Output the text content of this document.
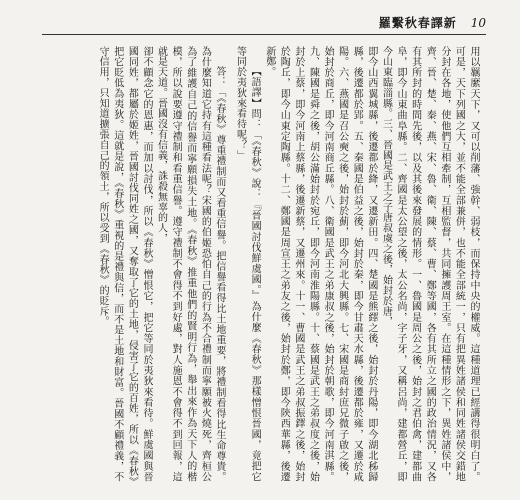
羅繫秋春譯新 10

用以羈縻天下，又可以削藩、強幹、弱枝，而保持中央的權威。這種道理已經講得很明白了。可是，天下列國之大，並不能全部兼併，也不能全部統一，只有把異姓諸侯和同姓諸侯交錯地分封在各地，使他們互相牽制，互相監督，共同擁護周王室。在這種情形之下，異姓諸侯中，齊、晉、楚、秦、燕、宋、魯、衛、陳、蔡、曹、鄭等國，各有其所立之國的政治情況，又各有其所封的時間先後，以及其後來發展的情形。一、魯國是周公之後，始封之君伯禽，建都曲阜，即今山東曲阜縣。二、齊國是太公望之後，太公名尚，字子牙，又稱呂尚，建都營丘，即今山東臨淄縣。三、晉國是武王之子唐叔虞之後，始封於唐，

即今山西翼城縣，後遷都於絳，又遷新田。四、楚國是熊繹之後，始封於丹陽，即今湖北秭歸縣，後遷都於郢。五、秦國是伯益之後，始封於秦，即今甘肅天水縣，後遷都於雍，又遷於咸陽。六、燕國是召公奭之後，始封於薊，即今河北大興縣。七、宋國是商紂庶兄微子啟之後，始封於商丘，即今河南商丘縣。八、衛國是武王之弟康叔之後，始封於朝歌，即今河南淇縣。九、陳國是舜之後，胡公滿始封於宛丘，即今河南淮陽縣。十、蔡國是武王之弟叔度之後，始封於上蔡，即今河南上蔡縣，後遷新蔡，又遷州來。十一、曹國是武王之弟叔振鐸之後，始封於陶丘，即今山東定陶縣。十二、鄭國是周宣王之弟友之後，始封於鄭，即今陝西華縣，後遷新鄭。

【語譯】問：「《春秋》說：『晉國討伐鮮虞國。』為什麼《春秋》那樣憎恨晉國，竟把它等同於夷狄來看待呢？」

答：「《春秋》尊重禮制而又看重信譽。把信譽看得比土地重要，將禮制看得比生命尊貴。為什麼知道它持有這種看法呢？宋國的伯姬恐怕自己的行為不合禮制而寧願被火燒死，齊桓公為了維護自己的信譽而寧願損失土地。《春秋》推重他們的賢明行為，舉出來作為天下人的楷模，所以說要遵守禮制和看重信譽。遵守禮制不會得不到好處，對人施恩不會得不到回報，這就是天道。晉國沒有信義，誅殺無辜的人，

卻不顧念它的恩惠，而加以討伐，所以《春秋》憎恨它，把它等同於夷狄來看待。鮮虞國與晉國同姓，都屬於姬姓，晉國討伐同姓之國，又奪取了它的土地，侵害了它的百姓，所以《春秋》把它貶低為夷狄。這就是說，《春秋》重視的是禮與信，而不是土地和財富。晉國不顧禮義，不守信用，只知道擴張自己的領土，所以受到《春秋》的貶斥。
